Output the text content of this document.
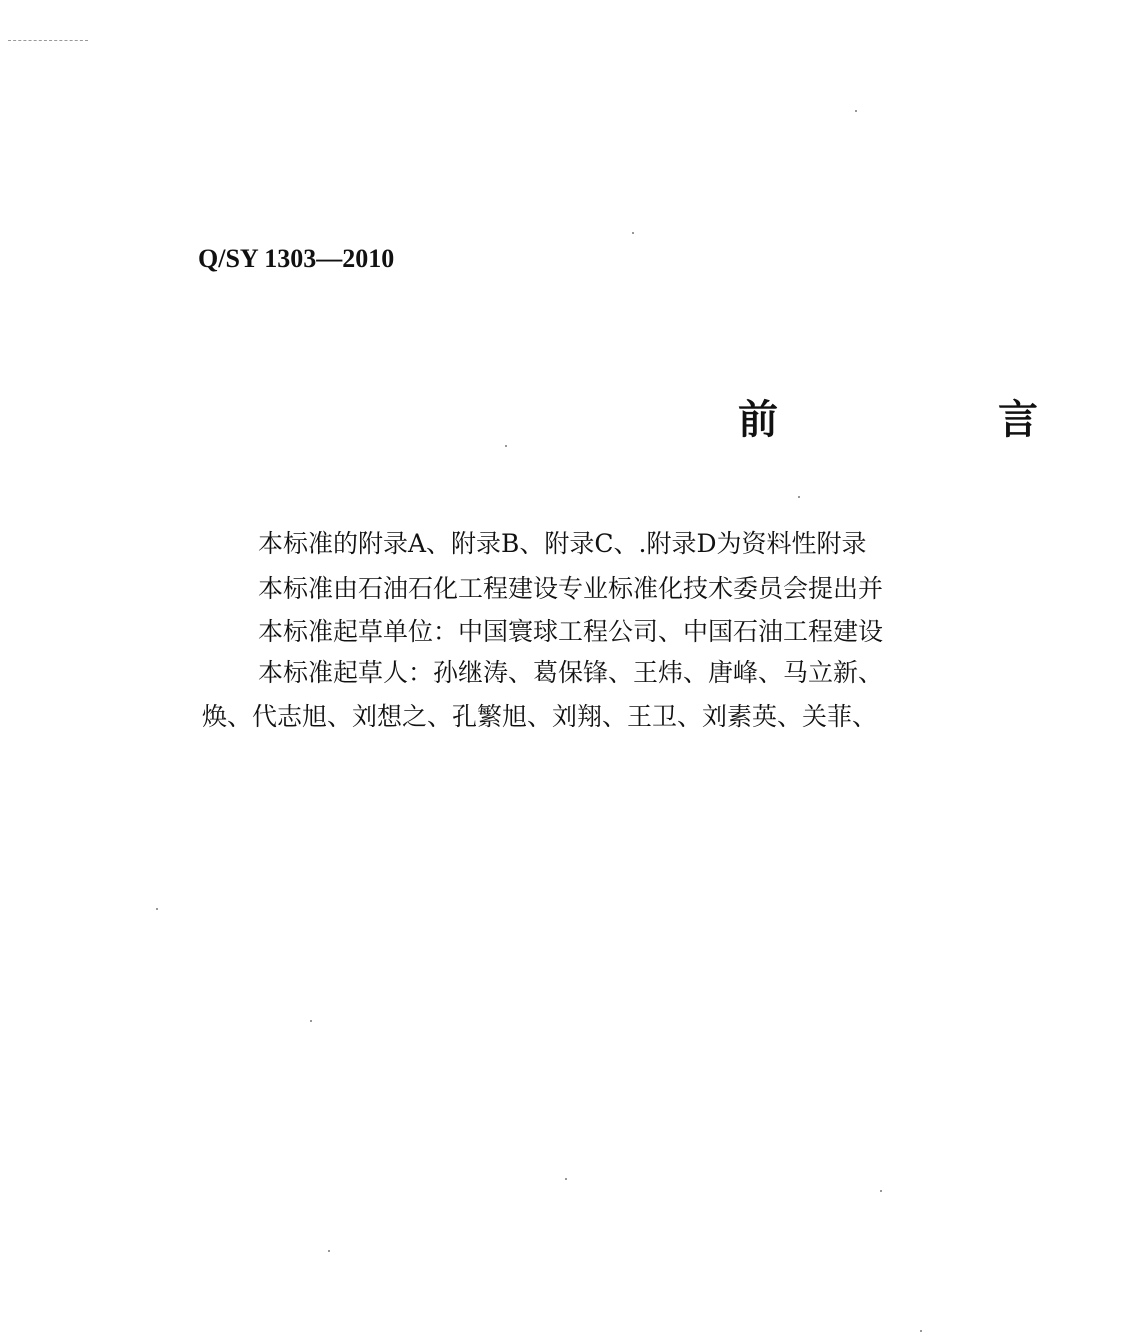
Q/SY 1303—2010
前　言
本标准的附录A、附录B、附录C、.附录D为资料性附录
本标准由石油石化工程建设专业标准化技术委员会提出并
本标准起草单位：中国寰球工程公司、中国石油工程建设
本标准起草人：孙继涛、葛保锋、王炜、唐峰、马立新、
焕、代志旭、刘想之、孔繁旭、刘翔、王卫、刘素英、关菲、
